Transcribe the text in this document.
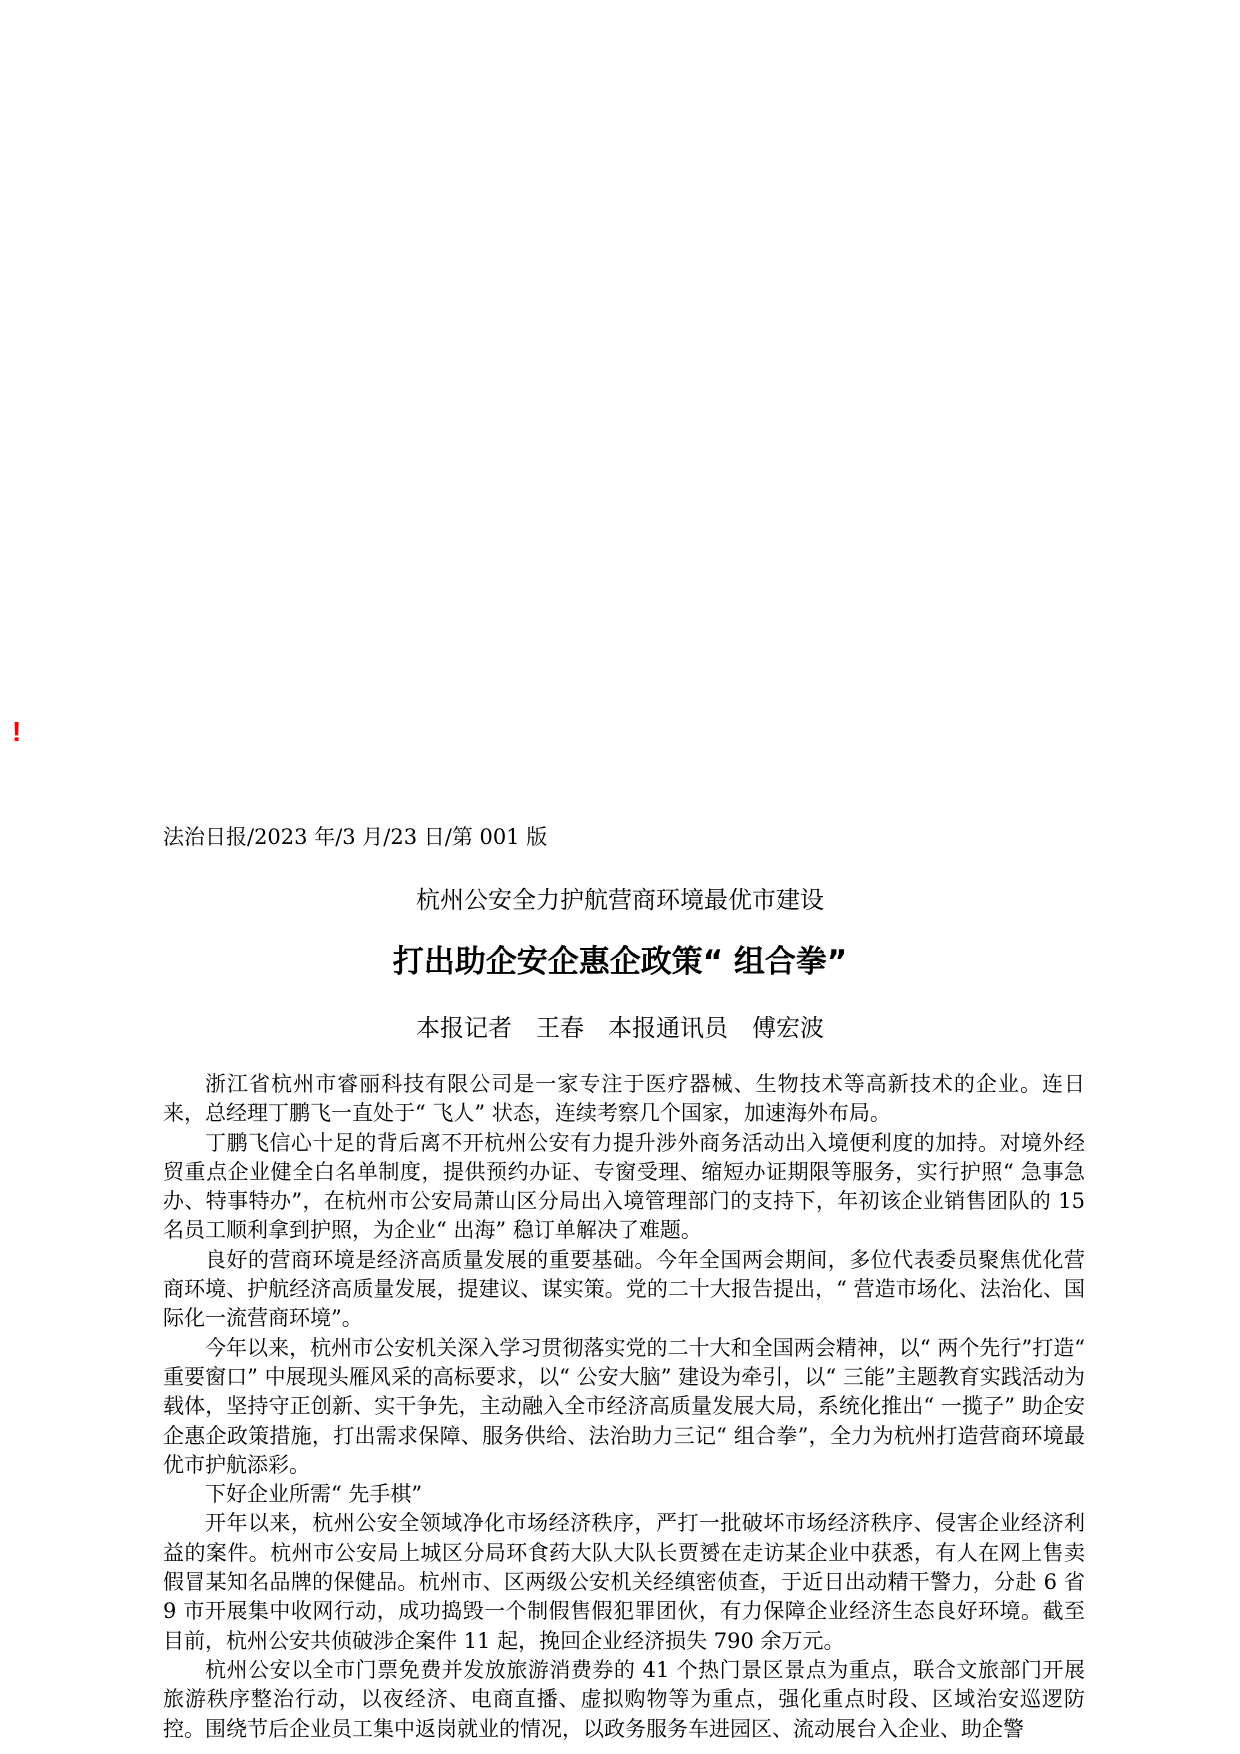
!
法治日报/2023 年/3 月/23 日/第 001 版
杭州公安全力护航营商环境最优市建设
打出助企安企惠企政策“ 组合拳”
本报记者　王春　本报通讯员　傅宏波

浙江省杭州市睿丽科技有限公司是一家专注于医疗器械、生物技术等高新技术的企业。连日来，总经理丁鹏飞一直处于“ 飞人” 状态，连续考察几个国家，加速海外布局。

丁鹏飞信心十足的背后离不开杭州公安有力提升涉外商务活动出入境便利度的加持。对境外经贸重点企业健全白名单制度，提供预约办证、专窗受理、缩短办证期限等服务，实行护照“ 急事急办、特事特办”，在杭州市公安局萧山区分局出入境管理部门的支持下，年初该企业销售团队的 15 名员工顺利拿到护照，为企业“ 出海” 稳订单解决了难题。

良好的营商环境是经济高质量发展的重要基础。今年全国两会期间，多位代表委员聚焦优化营商环境、护航经济高质量发展，提建议、谋实策。党的二十大报告提出，“ 营造市场化、法治化、国际化一流营商环境”。

今年以来，杭州市公安机关深入学习贯彻落实党的二十大和全国两会精神，以“ 两个先行”打造“ 重要窗口” 中展现头雁风采的高标要求，以“ 公安大脑” 建设为牵引，以“ 三能”主题教育实践活动为载体，坚持守正创新、实干争先，主动融入全市经济高质量发展大局，系统化推出“ 一揽子” 助企安企惠企政策措施，打出需求保障、服务供给、法治助力三记“ 组合拳”，全力为杭州打造营商环境最优市护航添彩。

下好企业所需“ 先手棋”

开年以来，杭州公安全领域净化市场经济秩序，严打一批破坏市场经济秩序、侵害企业经济利益的案件。杭州市公安局上城区分局环食药大队大队长贾赟在走访某企业中获悉，有人在网上售卖假冒某知名品牌的保健品。杭州市、区两级公安机关经缜密侦查，于近日出动精干警力，分赴 6 省 9 市开展集中收网行动，成功捣毁一个制假售假犯罪团伙，有力保障企业经济生态良好环境。截至目前，杭州公安共侦破涉企案件 11 起，挽回企业经济损失 790 余万元。

杭州公安以全市门票免费并发放旅游消费券的 41 个热门景区景点为重点，联合文旅部门开展旅游秩序整治行动，以夜经济、电商直播、虚拟购物等为重点，强化重点时段、区域治安巡逻防控。围绕节后企业员工集中返岗就业的情况，以政务服务车进园区、流动展台入企业、助企警
